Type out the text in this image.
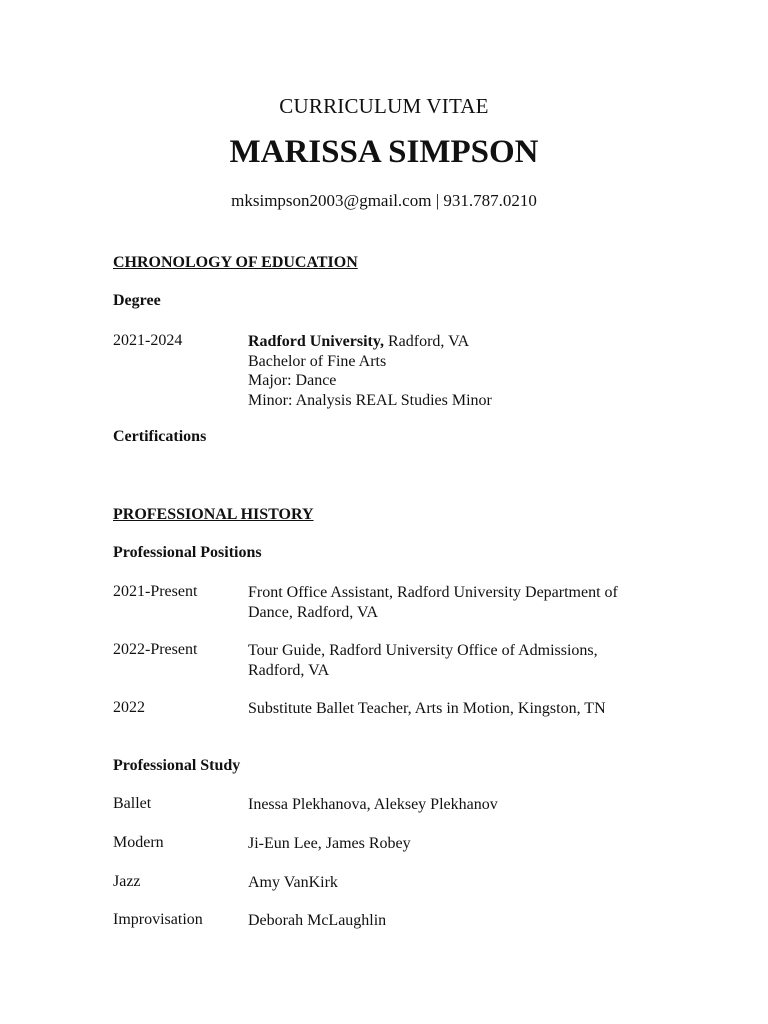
CURRICULUM VITAE
MARISSA SIMPSON
mksimpson2003@gmail.com | 931.787.0210
CHRONOLOGY OF EDUCATION
Degree
2021-2024	Radford University, Radford, VA
Bachelor of Fine Arts
Major: Dance
Minor: Analysis REAL Studies Minor
Certifications
PROFESSIONAL HISTORY
Professional Positions
2021-Present	Front Office Assistant, Radford University Department of
Dance, Radford, VA
2022-Present	Tour Guide, Radford University Office of Admissions,
Radford, VA
2022	Substitute Ballet Teacher, Arts in Motion, Kingston, TN
Professional Study
Ballet	Inessa Plekhanova, Aleksey Plekhanov
Modern	Ji-Eun Lee, James Robey
Jazz	Amy VanKirk
Improvisation	Deborah McLaughlin
